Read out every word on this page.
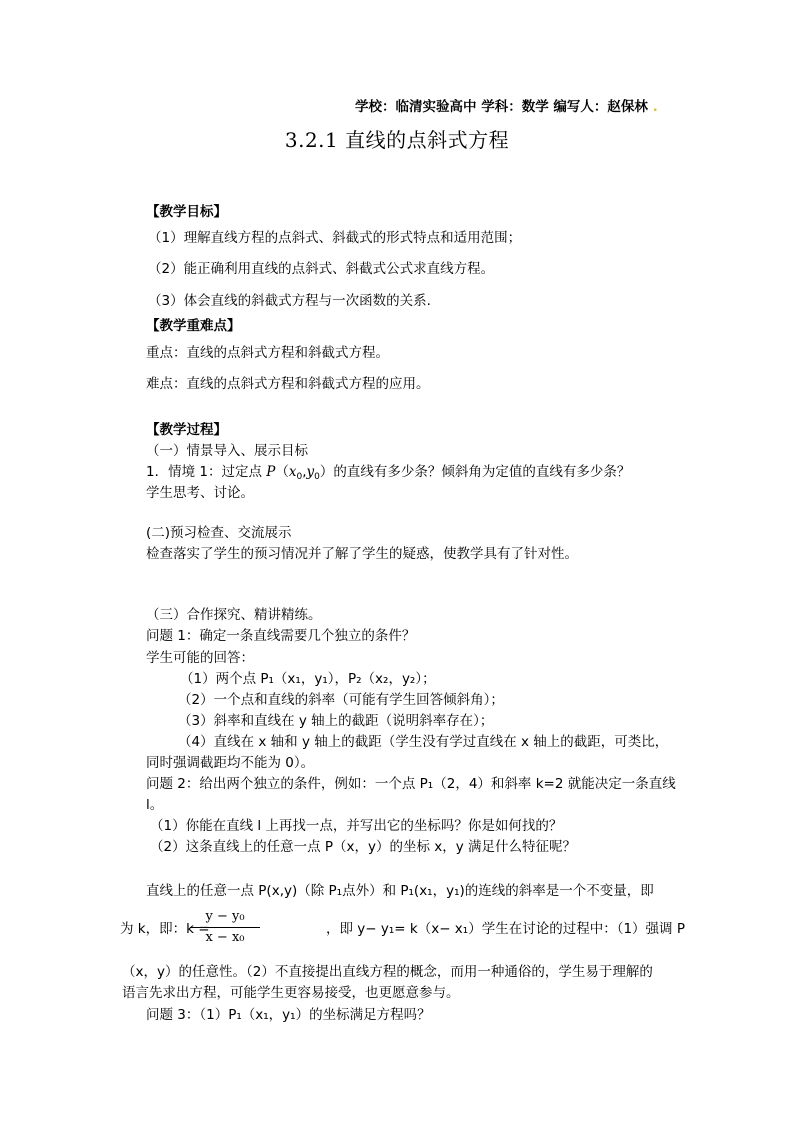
学校：临清实验高中 学科：数学 编写人：赵保林 .
3.2.1 直线的点斜式方程
【教学目标】
（1）理解直线方程的点斜式、斜截式的形式特点和适用范围；
（2）能正确利用直线的点斜式、斜截式公式求直线方程。
（3）体会直线的斜截式方程与一次函数的关系.
【教学重难点】
重点：直线的点斜式方程和斜截式方程。
难点：直线的点斜式方程和斜截式方程的应用。
【教学过程】
（一）情景导入、展示目标
1．情境 1：过定点 $P(x_0,y_0)$的直线有多少条？倾斜角为定值的直线有多少条？
学生思考、讨论。
(二)预习检查、交流展示
检查落实了学生的预习情况并了解了学生的疑惑，使教学具有了针对性。
（三）合作探究、精讲精练。
问题 1：确定一条直线需要几个独立的条件？
学生可能的回答：
（1）两个点 P₁（x₁，y₁），P₂（x₂，y₂）；
（2）一个点和直线的斜率（可能有学生回答倾斜角）；
（3）斜率和直线在 y 轴上的截距（说明斜率存在）；
（4）直线在 x 轴和 y 轴上的截距（学生没有学过直线在 x 轴上的截距，可类比，
同时强调截距均不能为 0）。
问题 2：给出两个独立的条件，例如：一个点 P₁（2，4）和斜率 k=2 就能决定一条直线
l。
（1）你能在直线 l 上再找一点，并写出它的坐标吗？你是如何找的？
（2）这条直线上的任意一点 P（x，y）的坐标 x，y 满足什么特征呢？
直线上的任意一点 P(x,y)（除 P₁点外）和 P₁(x₁，y₁)的连线的斜率是一个不变量，即
为 k，即：k =
y − y₀
x − x₀
，即 y− y₁= k（x− x₁）学生在讨论的过程中：（1）强调 P
（x，y）的任意性。（2）不直接提出直线方程的概念，而用一种通俗的，学生易于理解的
语言先求出方程，可能学生更容易接受，也更愿意参与。
问题 3：（1）P₁（x₁，y₁）的坐标满足方程吗？
